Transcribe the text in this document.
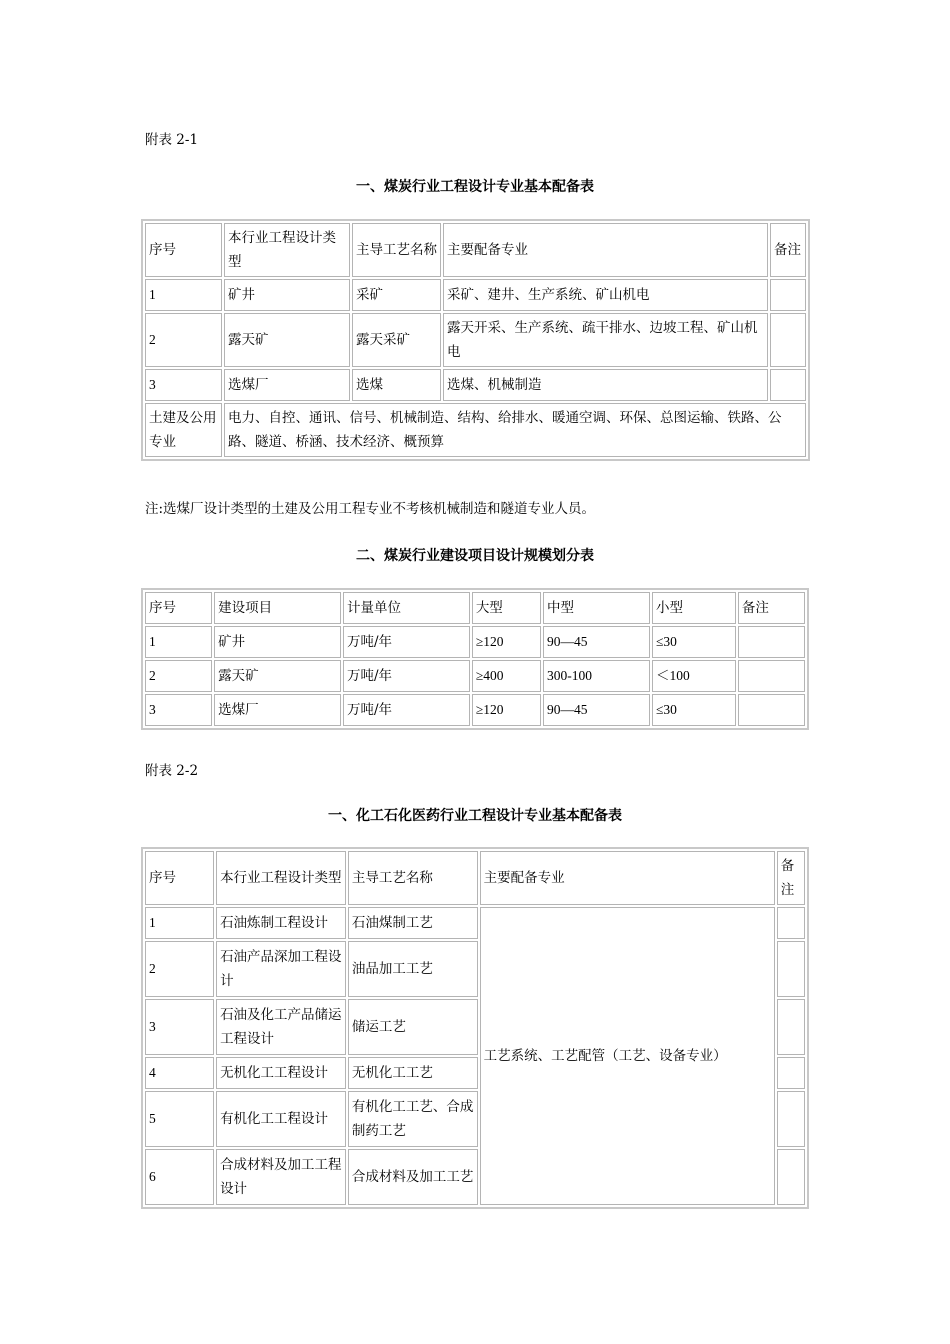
附表 2-1
一、煤炭行业工程设计专业基本配备表
序号	本行业工程设计类型	主导工艺名称	主要配备专业	备注
1	矿井	采矿	采矿、建井、生产系统、矿山机电	
2	露天矿	露天采矿	露天开采、生产系统、疏干排水、边坡工程、矿山机电	
3	选煤厂	选煤	选煤、机械制造	
土建及公用专业	电力、自控、通讯、信号、机械制造、结构、给排水、暖通空调、环保、总图运输、铁路、公路、隧道、桥涵、技术经济、概预算			
注:选煤厂设计类型的土建及公用工程专业不考核机械制造和隧道专业人员。
二、煤炭行业建设项目设计规模划分表
序号	建设项目	计量单位	大型	中型	小型	备注
1	矿井	万吨/年	≥120	90—45	≤30	
2	露天矿	万吨/年	≥400	300-100	＜100	
3	选煤厂	万吨/年	≥120	90—45	≤30	
附表 2-2
一、化工石化医药行业工程设计专业基本配备表
序号	本行业工程设计类型	主导工艺名称	主要配备专业	备注
1	石油炼制工程设计	石油煤制工艺	工艺系统、工艺配管（工艺、设备专业）	
2	石油产品深加工程设计	油品加工工艺		
3	石油及化工产品储运工程设计	储运工艺		
4	无机化工工程设计	无机化工工艺		
5	有机化工工程设计	有机化工工艺、合成制药工艺		
6	合成材料及加工工程设计	合成材料及加工工艺		
